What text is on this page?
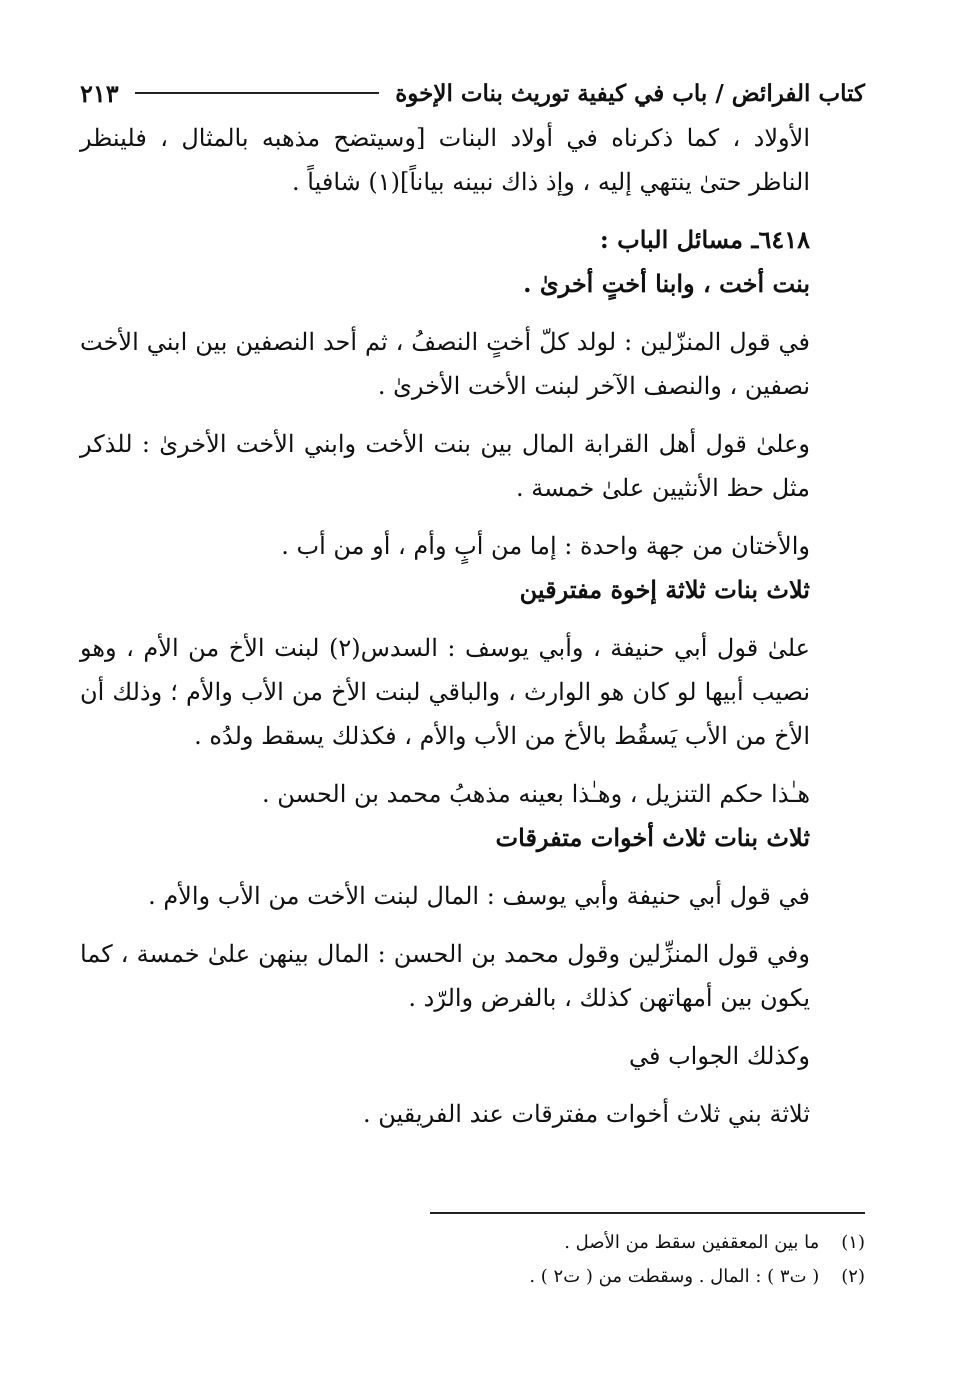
كتاب الفرائض / باب في كيفية توريث بنات الإخوة
٢١٣

الأولاد ، كما ذكرناه في أولاد البنات [وسيتضح مذهبه بالمثال ، فلينظر الناظر حتىٰ ينتهي إليه ، وإذ ذاك نبينه بياناً](١) شافياً .

٦٤١٨ـ مسائل الباب :

بنت أخت ، وابنا أختٍ أخرىٰ .

في قول المنزّلين : لولد كلّ أختٍ النصفُ ، ثم أحد النصفين بين ابني الأخت نصفين ، والنصف الآخر لبنت الأخت الأخرىٰ .

وعلىٰ قول أهل القرابة المال بين بنت الأخت وابني الأخت الأخرىٰ : للذكر مثل حظ الأنثيين علىٰ خمسة .

والأختان من جهة واحدة : إما من أبٍ وأم ، أو من أب .

ثلاث بنات ثلاثة إخوة مفترقين

علىٰ قول أبي حنيفة ، وأبي يوسف : السدس(٢) لبنت الأخ من الأم ، وهو نصيب أبيها لو كان هو الوارث ، والباقي لبنت الأخ من الأب والأم ؛ وذلك أن الأخ من الأب يَسقُط بالأخ من الأب والأم ، فكذلك يسقط ولدُه .

هـٰذا حكم التنزيل ، وهـٰذا بعينه مذهبُ محمد بن الحسن .

ثلاث بنات ثلاث أخوات متفرقات

في قول أبي حنيفة وأبي يوسف : المال لبنت الأخت من الأب والأم .

وفي قول المنزِّلين وقول محمد بن الحسن : المال بينهن علىٰ خمسة ، كما يكون بين أمهاتهن كذلك ، بالفرض والرّد .

وكذلك الجواب في

ثلاثة بني ثلاث أخوات مفترقات عند الفريقين .

(١) ما بين المعقفين سقط من الأصل .

(٢) ( ت٣ ) : المال . وسقطت من ( ت٢ ) .
